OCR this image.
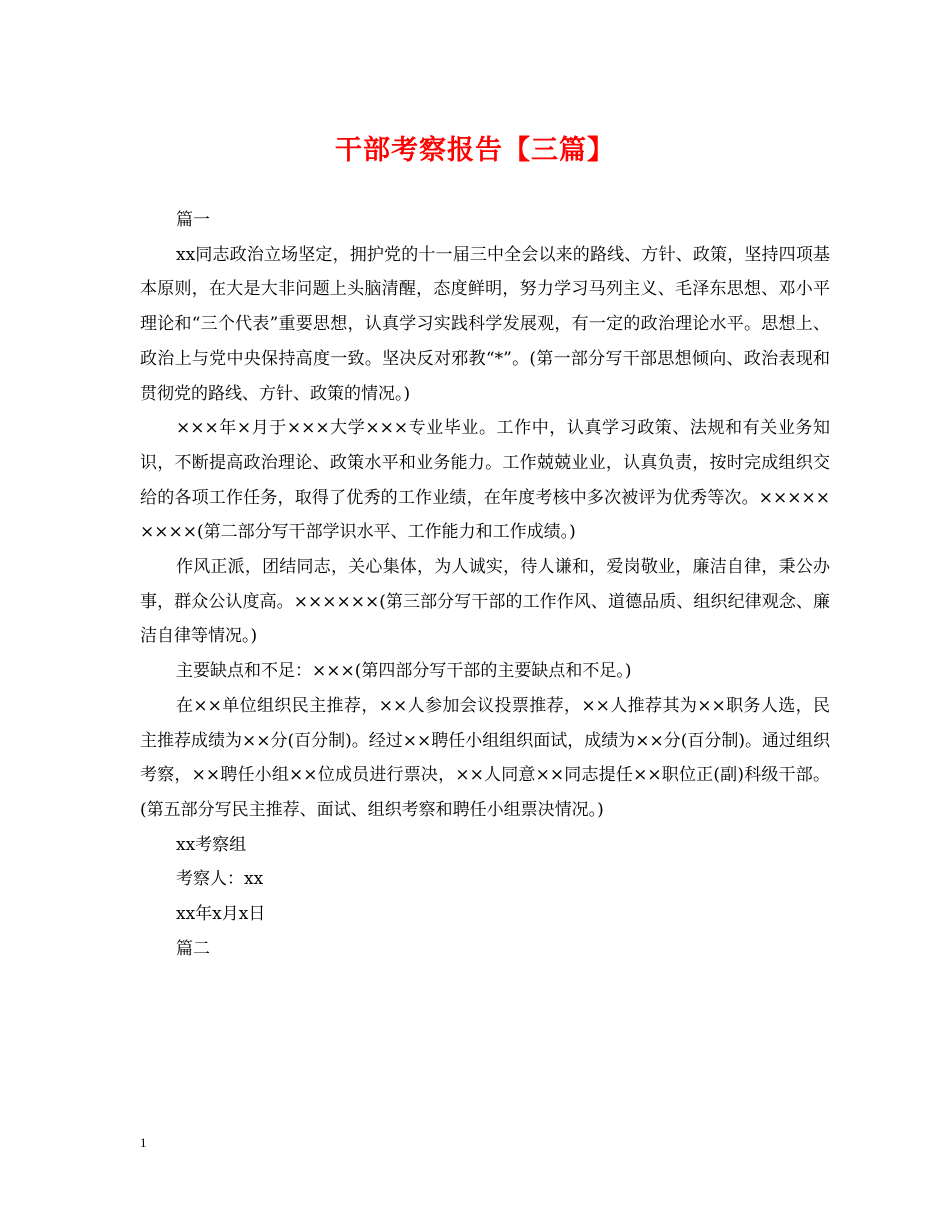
干部考察报告【三篇】

篇一

xx同志政治立场坚定，拥护党的十一届三中全会以来的路线、方针、政策，坚持四项基本原则，在大是大非问题上头脑清醒，态度鲜明，努力学习马列主义、毛泽东思想、邓小平理论和“三个代表”重要思想，认真学习实践科学发展观，有一定的政治理论水平。思想上、政治上与党中央保持高度一致。坚决反对邪教“*”。(第一部分写干部思想倾向、政治表现和贯彻党的路线、方针、政策的情况。)

×××年×月于×××大学×××专业毕业。工作中，认真学习政策、法规和有关业务知识，不断提高政治理论、政策水平和业务能力。工作兢兢业业，认真负责，按时完成组织交给的各项工作任务，取得了优秀的工作业绩，在年度考核中多次被评为优秀等次。×××××××××(第二部分写干部学识水平、工作能力和工作成绩。)

作风正派，团结同志，关心集体，为人诚实，待人谦和，爱岗敬业，廉洁自律，秉公办事，群众公认度高。××××××(第三部分写干部的工作作风、道德品质、组织纪律观念、廉洁自律等情况。)

主要缺点和不足：×××(第四部分写干部的主要缺点和不足。)

在××单位组织民主推荐，××人参加会议投票推荐，××人推荐其为××职务人选，民主推荐成绩为××分(百分制)。经过××聘任小组组织面试，成绩为××分(百分制)。通过组织考察，××聘任小组××位成员进行票决，××人同意××同志提任××职位正(副)科级干部。(第五部分写民主推荐、面试、组织考察和聘任小组票决情况。)

xx考察组

考察人：xx

xx年x月x日

篇二

1
